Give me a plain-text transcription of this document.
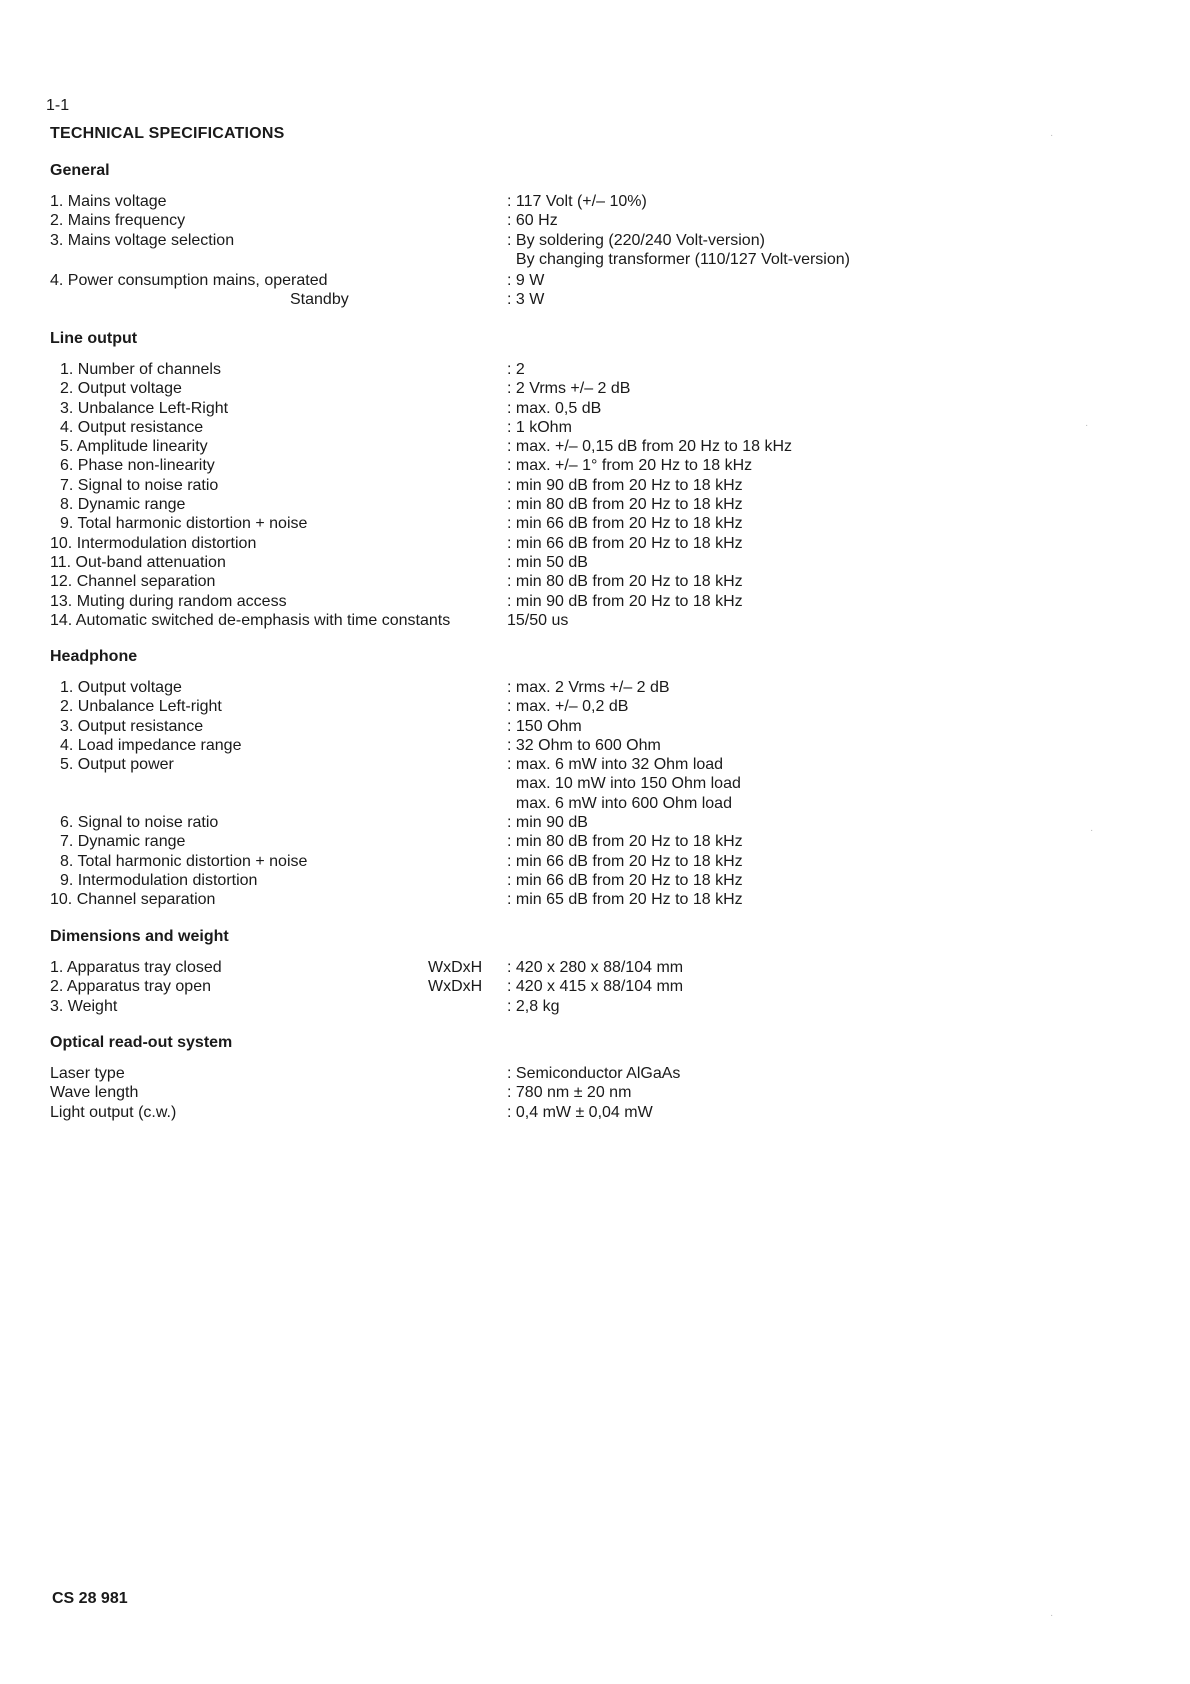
1-1
TECHNICAL SPECIFICATIONS
General
1. Mains voltage	: 117 Volt (+/– 10%)
2. Mains frequency	: 60 Hz
3. Mains voltage selection	: By soldering (220/240 Volt-version)
By changing transformer (110/127 Volt-version)
4. Power consumption mains, operated	: 9 W
Standby	: 3 W
Line output
1. Number of channels	: 2
2. Output voltage	: 2 Vrms +/– 2 dB
3. Unbalance Left-Right	: max. 0,5 dB
4. Output resistance	: 1 kOhm
5. Amplitude linearity	: max. +/– 0,15 dB from 20 Hz to 18 kHz
6. Phase non-linearity	: max. +/– 1° from 20 Hz to 18 kHz
7. Signal to noise ratio	: min 90 dB from 20 Hz to 18 kHz
8. Dynamic range	: min 80 dB from 20 Hz to 18 kHz
9. Total harmonic distortion + noise	: min 66 dB from 20 Hz to 18 kHz
10. Intermodulation distortion	: min 66 dB from 20 Hz to 18 kHz
11. Out-band attenuation	: min 50 dB
12. Channel separation	: min 80 dB from 20 Hz to 18 kHz
13. Muting during random access	: min 90 dB from 20 Hz to 18 kHz
14. Automatic switched de-emphasis with time constants	15/50 us
Headphone
1. Output voltage	: max. 2 Vrms +/– 2 dB
2. Unbalance Left-right	: max. +/– 0,2 dB
3. Output resistance	: 150 Ohm
4. Load impedance range	: 32 Ohm to 600 Ohm
5. Output power	: max. 6 mW into 32 Ohm load
max. 10 mW into 150 Ohm load
max. 6 mW into 600 Ohm load
6. Signal to noise ratio	: min 90 dB
7. Dynamic range	: min 80 dB from 20 Hz to 18 kHz
8. Total harmonic distortion + noise	: min 66 dB from 20 Hz to 18 kHz
9. Intermodulation distortion	: min 66 dB from 20 Hz to 18 kHz
10. Channel separation	: min 65 dB from 20 Hz to 18 kHz
Dimensions and weight
1. Apparatus tray closed	WxDxH : 420 x 280 x 88/104 mm
2. Apparatus tray open	WxDxH : 420 x 415 x 88/104 mm
3. Weight	: 2,8 kg
Optical read-out system
Laser type	: Semiconductor AlGaAs
Wave length	: 780 nm ± 20 nm
Light output (c.w.)	: 0,4 mW ± 0,04 mW
CS 28 981
·
·
·
·
